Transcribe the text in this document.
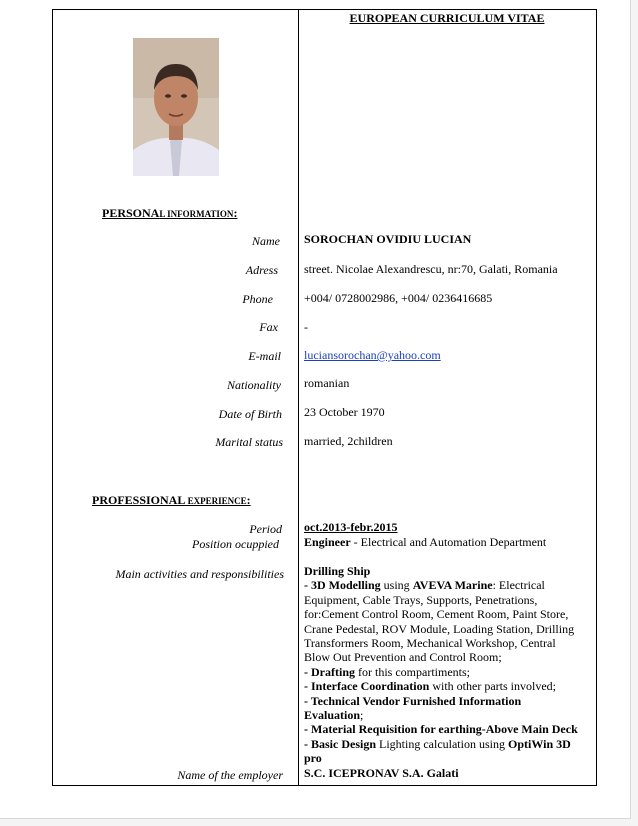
EUROPEAN CURRICULUM VITAE
PERSONAL INFORMATION:
Name SOROCHAN OVIDIU LUCIAN
Adress street. Nicolae Alexandrescu, nr:70, Galati, Romania
Phone	+004/ 0728002986, +004/ 0236416685
Fax -
E-mail luciansorochan@yahoo.com
Nationality romanian
Date of Birth 23 October 1970
Marital status married, 2children
PROFESSIONAL EXPERIENCE:
Period oct.2013-febr.2015
Position ocuppied Engineer - Electrical and Automation Department
Main activities and responsibilities Drilling Ship
- 3D Modelling using AVEVA Marine: Electrical
Equipment, Cable Trays, Supports, Penetrations,
for:Cement Control Room, Cement Room, Paint Store,
Crane Pedestal, ROV Module, Loading Station, Drilling
Transformers Room, Mechanical Workshop, Central
Blow Out Prevention and Control Room;
- Drafting for this compartiments;
- Interface Coordination with other parts involved;
- Technical Vendor Furnished Information
Evaluation;
- Material Requisition for earthing-Above Main Deck
- Basic Design Lighting calculation using OptiWin 3D
pro
Name of the employer S.C. ICEPRONAV S.A. Galati
